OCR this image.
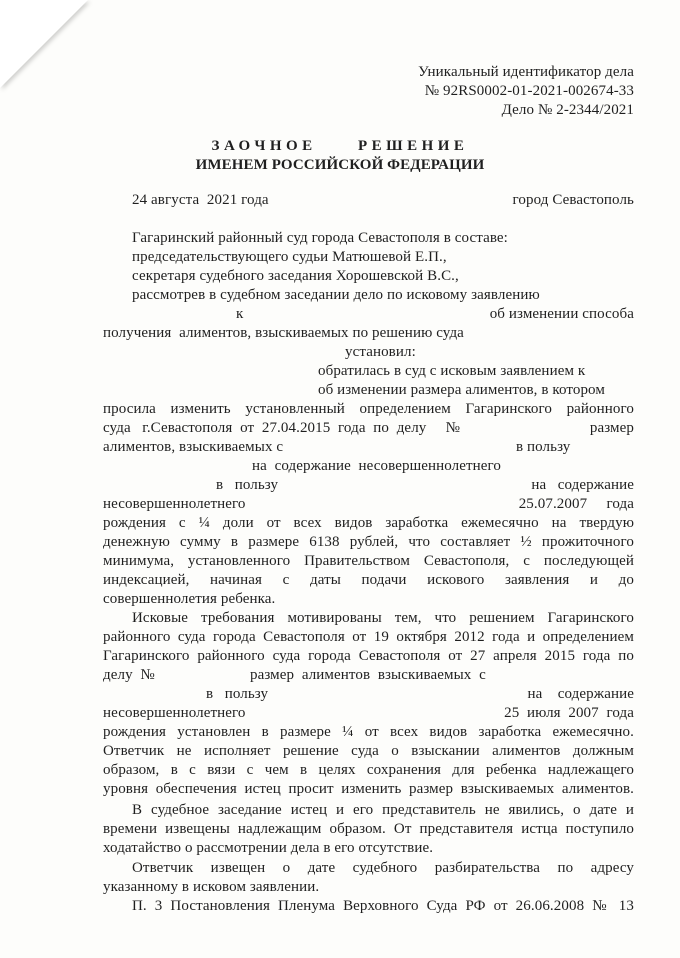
Уникальный идентификатор дела
№ 92RS0002-01-2021-002674-33
Дело № 2-2344/2021
ЗАОЧНОЕ     РЕШЕНИЕ
ИМЕНЕМ РОССИЙСКОЙ ФЕДЕРАЦИИ
24 августа  2021 года	город Севастополь
Гагаринский районный суд города Севастополя в составе:
председательствующего судьи Матюшевой Е.П.,
секретаря судебного заседания Хорошевской В.С.,
рассмотрев в судебном заседании дело по исковому заявлению
к	об изменении способа
получения  алиментов, взыскиваемых по решению суда
установил:
обратилась в суд с исковым заявлением к
об изменении размера алиментов, в котором
просила изменить установленный определением Гагаринского районного
суда   г.Севастополя  от  27.04.2015  года  по  делу     №	размер
алиментов, взыскиваемых с	в пользу
на  содержание  несовершеннолетнего
в   пользу	на   содержание
несовершеннолетнего	25.07.2007     года
рождения с ¼ доли от всех видов заработка ежемесячно на твердую
денежную сумму в размере 6138 рублей, что составляет ½ прожиточного
минимума, установленного Правительством Севастополя, с последующей
индексацией, начиная с даты подачи искового заявления и до
совершеннолетия ребенка.
Исковые требования мотивированы тем, что решением Гагаринского
районного суда города Севастополя от 19 октября 2012 года и определением
Гагаринского районного суда города Севастополя от 27 апреля 2015 года по
делу  №	размер  алиментов  взыскиваемых  с
в   пользу	на    содержание
несовершеннолетнего	25  июля  2007  года
рождения установлен в размере ¼ от всех видов заработка ежемесячно.
Ответчик не исполняет решение суда о взыскании алиментов должным
образом, в с вязи с чем в целях сохранения для ребенка надлежащего
уровня обеспечения истец просит изменить размер взыскиваемых алиментов.
В судебное заседание истец и его представитель не явились, о дате и
времени извещены надлежащим образом. От представителя истца поступило
ходатайство о рассмотрении дела в его отсутствие.
Ответчик извещен о дате судебного разбирательства по адресу
указанному в исковом заявлении.
П. 3 Постановления Пленума Верховного Суда РФ от 26.06.2008 № 13
